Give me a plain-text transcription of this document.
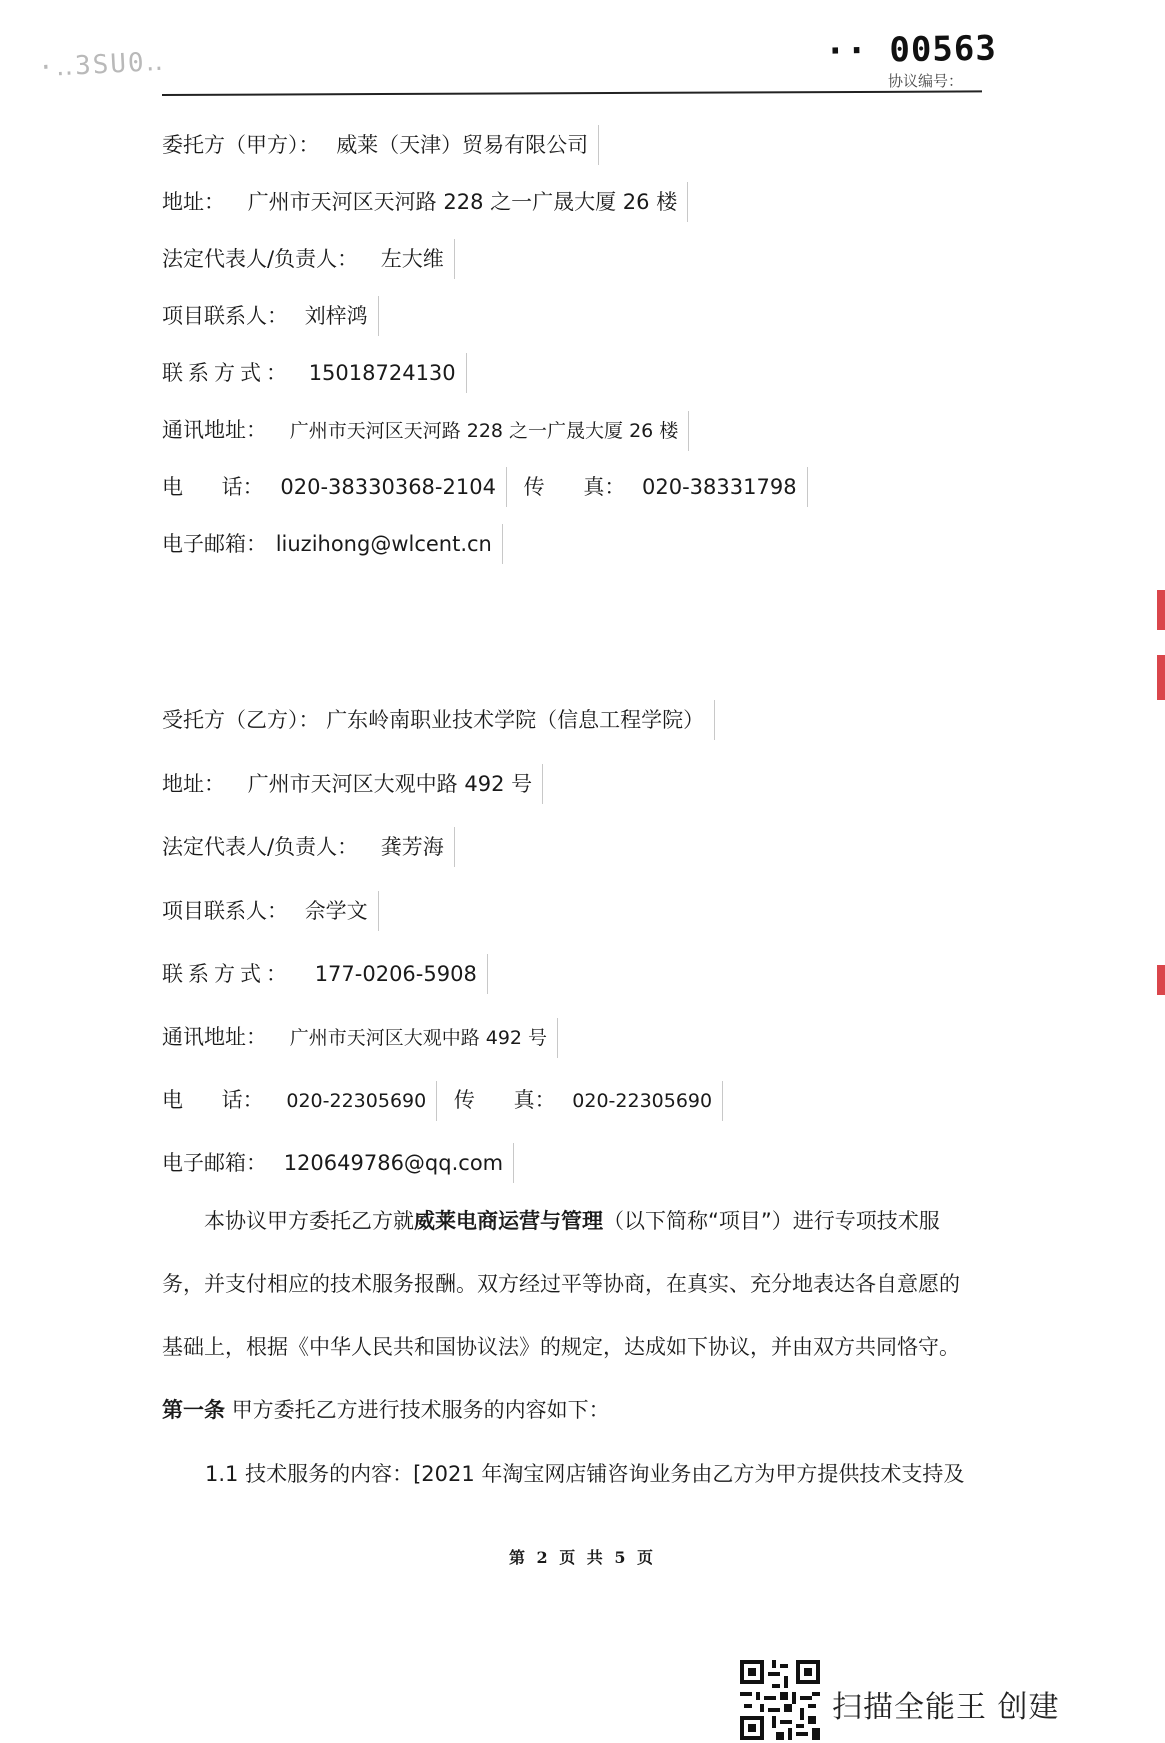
·‥3SU0‥	·· 00563
协议编号：
委托方（甲方）： 威莱（天津）贸易有限公司
地址： 广州市天河区天河路 228 之一广晟大厦 26 楼
法定代表人/负责人： 左大维
项目联系人： 刘梓鸿
联系方式： 15018724130
通讯地址： 广州市天河区天河路 228 之一广晟大厦 26 楼
电 话： 020-38330368-2104 传 真： 020-38331798
电子邮箱： liuzihong@wlcent.cn
受托方（乙方）： 广东岭南职业技术学院（信息工程学院）
地址： 广州市天河区大观中路 492 号
法定代表人/负责人： 龚芳海
项目联系人： 佘学文
联系方式： 177-0206-5908
通讯地址： 广州市天河区大观中路 492 号
电 话： 020-22305690 传 真： 020-22305690
电子邮箱： 120649786@qq.com
本协议甲方委托乙方就威莱电商运营与管理（以下简称“项目”）进行专项技术服
务，并支付相应的技术服务报酬。双方经过平等协商，在真实、充分地表达各自意愿的
基础上，根据《中华人民共和国协议法》的规定，达成如下协议，并由双方共同恪守。
第一条 甲方委托乙方进行技术服务的内容如下：
1.1 技术服务的内容：[2021 年淘宝网店铺咨询业务由乙方为甲方提供技术支持及
第 2 页 共 5 页
扫描全能王 创建
